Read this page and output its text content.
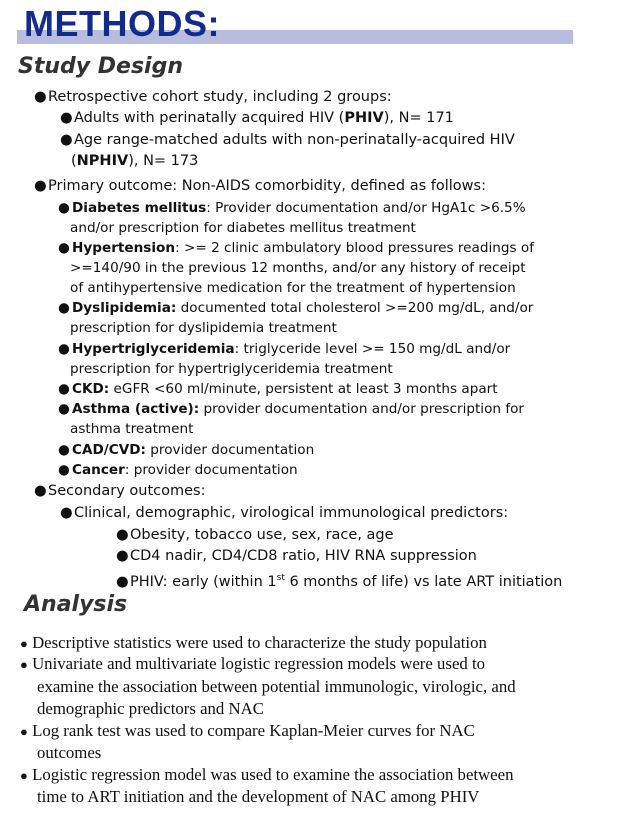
METHODS:
Study Design
●Retrospective cohort study, including 2 groups:
●Adults with perinatally acquired HIV (PHIV), N= 171
●Age range-matched adults with non-perinatally-acquired HIV
(NPHIV), N= 173
●Primary outcome: Non-AIDS comorbidity, defined as follows:
● Diabetes mellitus: Provider documentation and/or HgA1c >6.5%
and/or prescription for diabetes mellitus treatment
● Hypertension: >= 2 clinic ambulatory blood pressures readings of
>=140/90 in the previous 12 months, and/or any history of receipt
of antihypertensive medication for the treatment of hypertension
● Dyslipidemia: documented total cholesterol >=200 mg/dL, and/or
prescription for dyslipidemia treatment
● Hypertriglyceridemia: triglyceride level >= 150 mg/dL and/or
prescription for hypertriglyceridemia treatment
● CKD: eGFR <60 ml/minute, persistent at least 3 months apart
● Asthma (active): provider documentation and/or prescription for
asthma treatment
● CAD/CVD: provider documentation
● Cancer: provider documentation
●Secondary outcomes:
●Clinical, demographic, virological immunological predictors:
●Obesity, tobacco use, sex, race, age
●CD4 nadir, CD4/CD8 ratio, HIV RNA suppression
●PHIV: early (within 1st 6 months of life) vs late ART initiation
Analysis
● Descriptive statistics were used to characterize the study population
● Univariate and multivariate logistic regression models were used to
examine the association between potential immunologic, virologic, and
demographic predictors and NAC
● Log rank test was used to compare Kaplan-Meier curves for NAC
outcomes
● Logistic regression model was used to examine the association between
time to ART initiation and the development of NAC among PHIV
